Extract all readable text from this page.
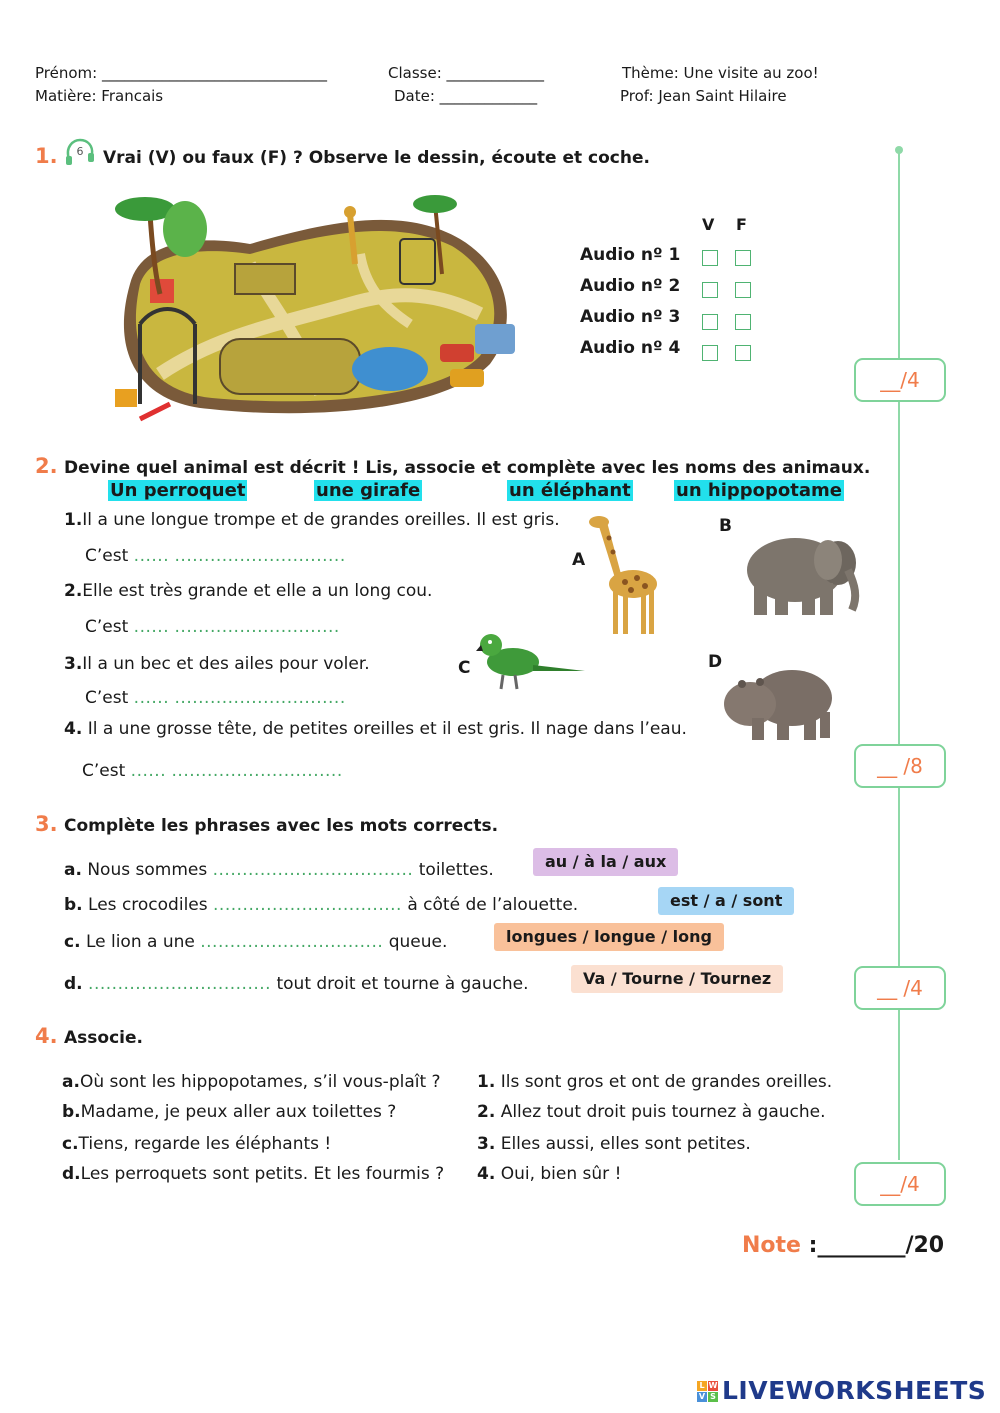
Prénom: ______________________________	Classe: _____________	Thème: Une visite au zoo!
Matière: Francais	Date: _____________	Prof: Jean Saint Hilaire
1. 6 Vrai (V) ou faux (F) ? Observe le dessin, écoute et coche.
V F
Audio nº 1
Audio nº 2
Audio nº 3
Audio nº 4
__/4
2. Devine quel animal est décrit ! Lis, associe et complète avec les noms des animaux.
Un perroquet	une girafe	un éléphant	un hippopotame
1.Il a une longue trompe et de grandes oreilles. Il est gris.
C’est ...... .............................
2.Elle est très grande et elle a un long cou.
C’est ...... ............................
3.Il a un bec et des ailes pour voler.
C’est ...... .............................
4. Il a une grosse tête, de petites oreilles et il est gris. Il nage dans l’eau.
C’est ...... .............................
A
B
C	D
__ /8
3. Complète les phrases avec les mots corrects.
a. Nous sommes .................................. toilettes.	au / à la / aux
b. Les crocodiles ................................ à côté de l’alouette.	est / a / sont
c. Le lion a une ............................... queue.	longues / longue / long
d. ............................... tout droit et tourne à gauche.	Va / Tourne / Tournez	__ /4
4. Associe.
a.Où sont les hippopotames, s’il vous-plaît ?
b.Madame, je peux aller aux toilettes ?
c.Tiens, regarde les éléphants !
d.Les perroquets sont petits. Et les fourmis ?
1. Ils sont gros et ont de grandes oreilles.
2. Allez tout droit puis tournez à gauche.
3. Elles aussi, elles sont petites.
4. Oui, bien sûr !	__/4
Note :________/20
L W
V S LIVEWORKSHEETS
